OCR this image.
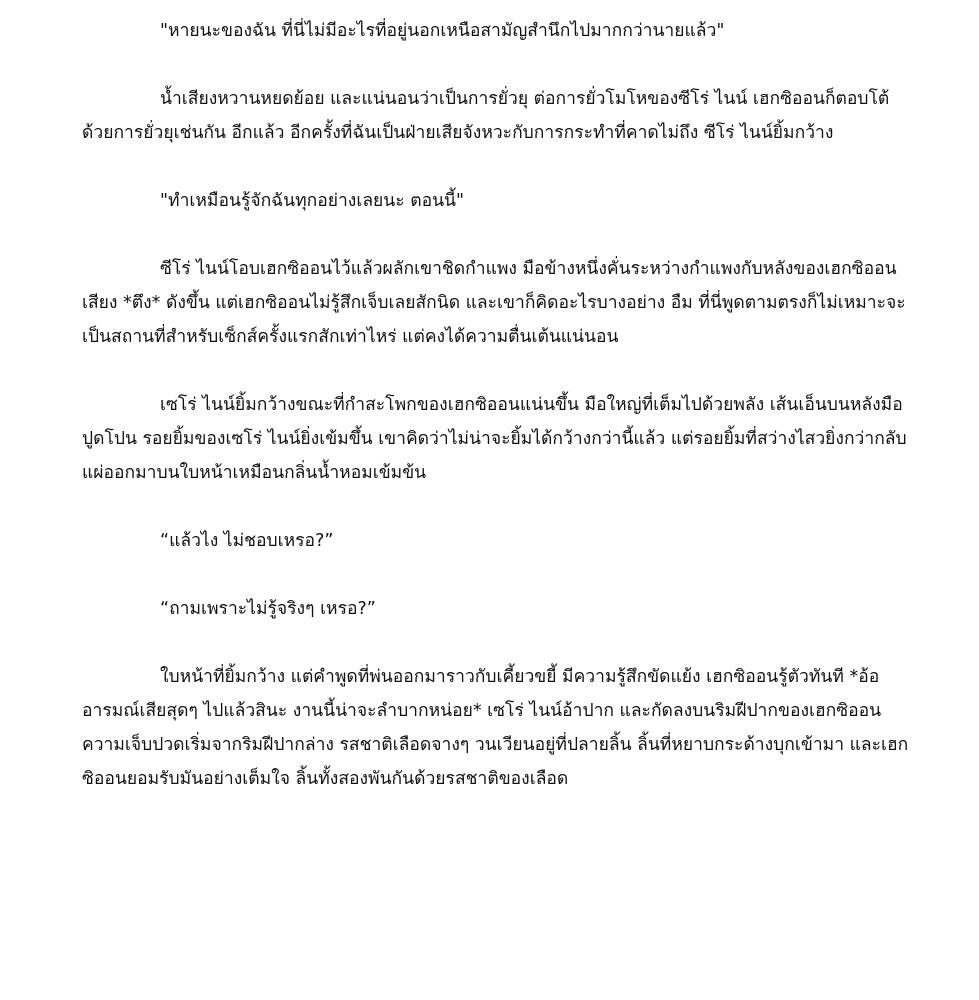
"หายนะของฉัน ที่นี่ไม่มีอะไรที่อยู่นอกเหนือสามัญสำนึกไปมากกว่านายแล้ว"

น้ำเสียงหวานหยดย้อย และแน่นอนว่าเป็นการยั่วยุ ต่อการยั่วโมโหของซีโร่ ไนน์ เฮกซิออนก็ตอบโต้ด้วยการยั่วยุเช่นกัน อีกแล้ว อีกครั้งที่ฉันเป็นฝ่ายเสียจังหวะกับการกระทำที่คาดไม่ถึง ซีโร่ ไนน์ยิ้มกว้าง

"ทำเหมือนรู้จักฉันทุกอย่างเลยนะ ตอนนี้"

ซีโร่ ไนน์โอบเฮกซิออนไว้แล้วผลักเขาชิดกำแพง มือข้างหนึ่งคั่นระหว่างกำแพงกับหลังของเฮกซิออน เสียง *ตึง* ดังขึ้น แต่เฮกซิออนไม่รู้สึกเจ็บเลยสักนิด และเขาก็คิดอะไรบางอย่าง อืม ที่นี่พูดตามตรงก็ไม่เหมาะจะเป็นสถานที่สำหรับเซ็กส์ครั้งแรกสักเท่าไหร่ แต่คงได้ความตื่นเต้นแน่นอน

เซโร่ ไนน์ยิ้มกว้างขณะที่กำสะโพกของเฮกซิออนแน่นขึ้น มือใหญ่ที่เต็มไปด้วยพลัง เส้นเอ็นบนหลังมือปูดโปน รอยยิ้มของเซโร่ ไนน์ยิ่งเข้มขึ้น เขาคิดว่าไม่น่าจะยิ้มได้กว้างกว่านี้แล้ว แต่รอยยิ้มที่สว่างไสวยิ่งกว่ากลับแผ่ออกมาบนใบหน้าเหมือนกลิ่นน้ำหอมเข้มข้น

“แล้วไง ไม่ชอบเหรอ?”

“ถามเพราะไม่รู้จริงๆ เหรอ?”

ใบหน้าที่ยิ้มกว้าง แต่คำพูดที่พ่นออกมาราวกับเคี้ยวขยี้ มีความรู้สึกขัดแย้ง เฮกซิออนรู้ตัวทันที *อ้อ อารมณ์เสียสุดๆ ไปแล้วสินะ งานนี้น่าจะลำบากหน่อย* เซโร่ ไนน์อ้าปาก และกัดลงบนริมฝีปากของเฮกซิออน ความเจ็บปวดเริ่มจากริมฝีปากล่าง รสชาติเลือดจางๆ วนเวียนอยู่ที่ปลายลิ้น ลิ้นที่หยาบกระด้างบุกเข้ามา และเฮกซิออนยอมรับมันอย่างเต็มใจ ลิ้นทั้งสองพันกันด้วยรสชาติของเลือด
